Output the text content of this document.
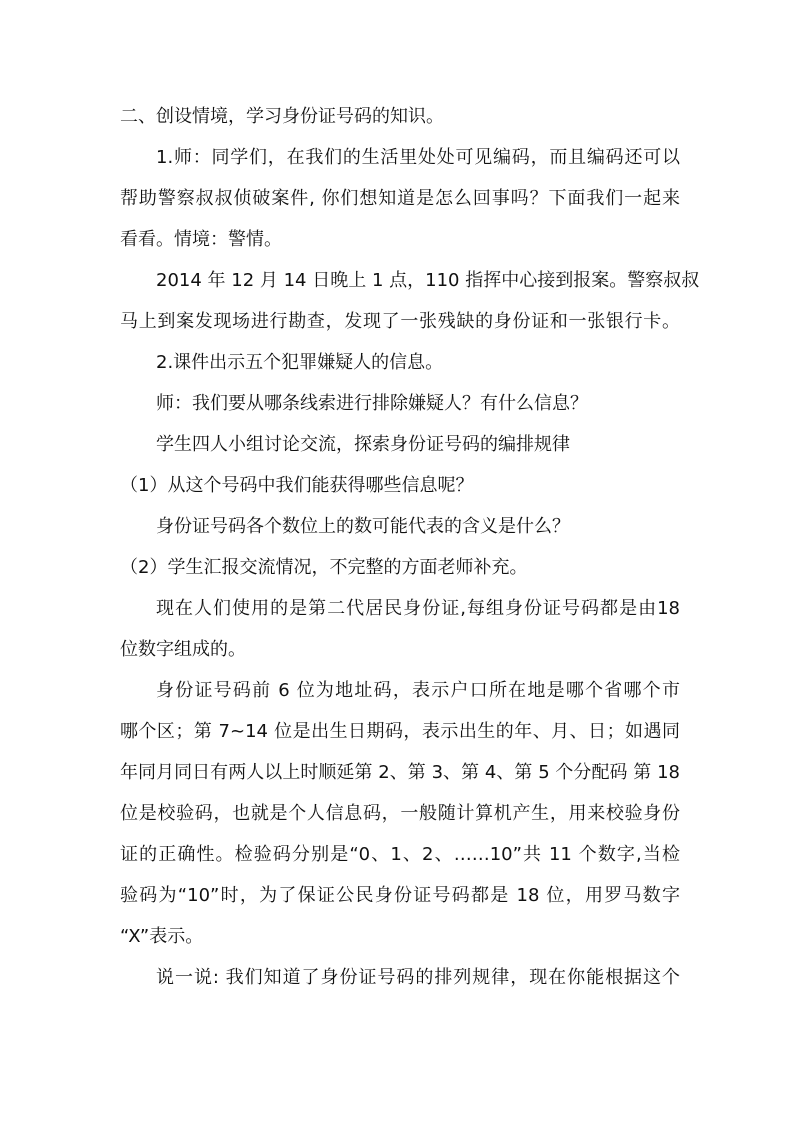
二、创设情境，学习身份证号码的知识。
1.师：同学们，在我们的生活里处处可见编码，而且编码还可以
帮助警察叔叔侦破案件, 你们想知道是怎么回事吗？下面我们一起来
看看。情境：警情。
2014 年 12 月 14 日晚上 1 点，110 指挥中心接到报案。警察叔叔
马上到案发现场进行勘查，发现了一张残缺的身份证和一张银行卡。
2.课件出示五个犯罪嫌疑人的信息。
师：我们要从哪条线索进行排除嫌疑人？有什么信息？
学生四人小组讨论交流，探索身份证号码的编排规律
（1）从这个号码中我们能获得哪些信息呢？
身份证号码各个数位上的数可能代表的含义是什么？
（2）学生汇报交流情况，不完整的方面老师补充。
现在人们使用的是第二代居民身份证,每组身份证号码都是由18
位数字组成的。
身份证号码前 6 位为地址码，表示户口所在地是哪个省哪个市
哪个区；第 7~14 位是出生日期码，表示出生的年、月、日；如遇同
年同月同日有两人以上时顺延第 2、第 3、第 4、第 5 个分配码 第 18
位是校验码，也就是个人信息码，一般随计算机产生，用来校验身份
证的正确性。检验码分别是“0、1、2、……10”共 11 个数字,当检
验码为“10”时，为了保证公民身份证号码都是 18 位，用罗马数字
“X”表示。
说一说: 我们知道了身份证号码的排列规律，现在你能根据这个
